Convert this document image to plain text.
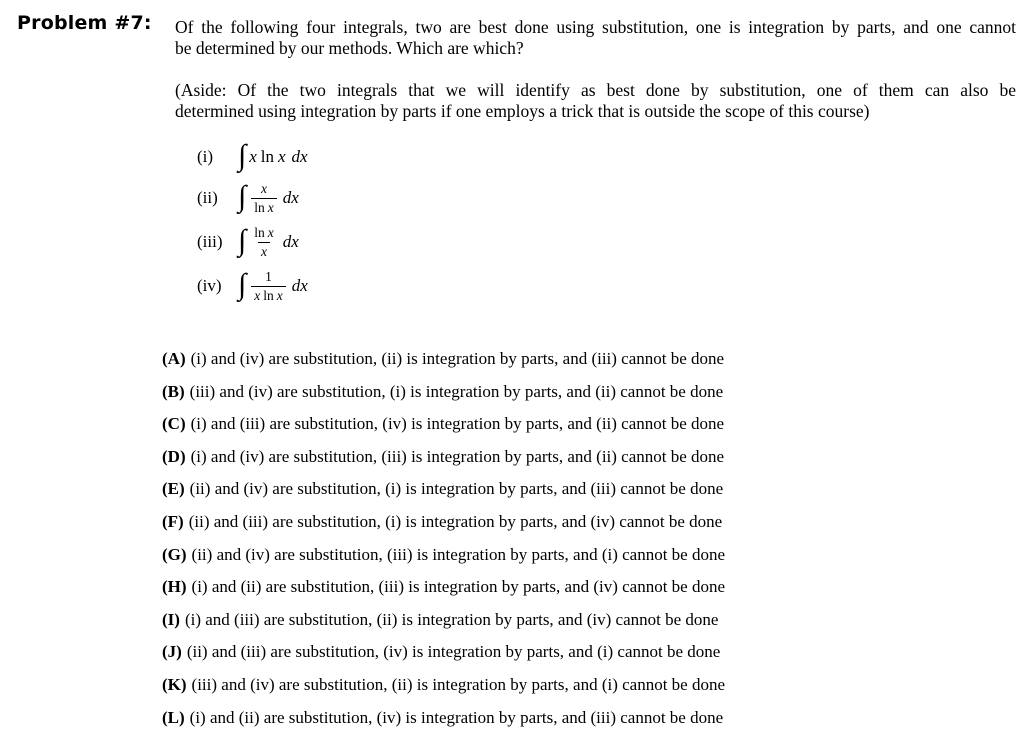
Problem #7: Of the following four integrals, two are best done using substitution, one is integration by parts, and one cannot
be determined by our methods. Which are which?

(Aside: Of the two integrals that we will identify as best done by substitution, one of them can also be
determined using integration by parts if one employs a trick that is outside the scope of this course)

(i) ∫ x ln x dx
(ii) ∫ $\frac{x}{\text{ln x}}$ dx
(iii) ∫ $\frac{\text{ln x}}{x}$ dx
(iv) ∫ $\frac{1}{\text{x ln x}}$ dx
(A) (i) and (iv) are substitution, (ii) is integration by parts, and (iii) cannot be done
(B) (iii) and (iv) are substitution, (i) is integration by parts, and (ii) cannot be done
(C) (i) and (iii) are substitution, (iv) is integration by parts, and (ii) cannot be done
(D) (i) and (iv) are substitution, (iii) is integration by parts, and (ii) cannot be done
(E) (ii) and (iv) are substitution, (i) is integration by parts, and (iii) cannot be done
(F) (ii) and (iii) are substitution, (i) is integration by parts, and (iv) cannot be done
(G) (ii) and (iv) are substitution, (iii) is integration by parts, and (i) cannot be done
(H) (i) and (ii) are substitution, (iii) is integration by parts, and (iv) cannot be done
(I) (i) and (iii) are substitution, (ii) is integration by parts, and (iv) cannot be done
(J) (ii) and (iii) are substitution, (iv) is integration by parts, and (i) cannot be done
(K) (iii) and (iv) are substitution, (ii) is integration by parts, and (i) cannot be done
(L) (i) and (ii) are substitution, (iv) is integration by parts, and (iii) cannot be done
